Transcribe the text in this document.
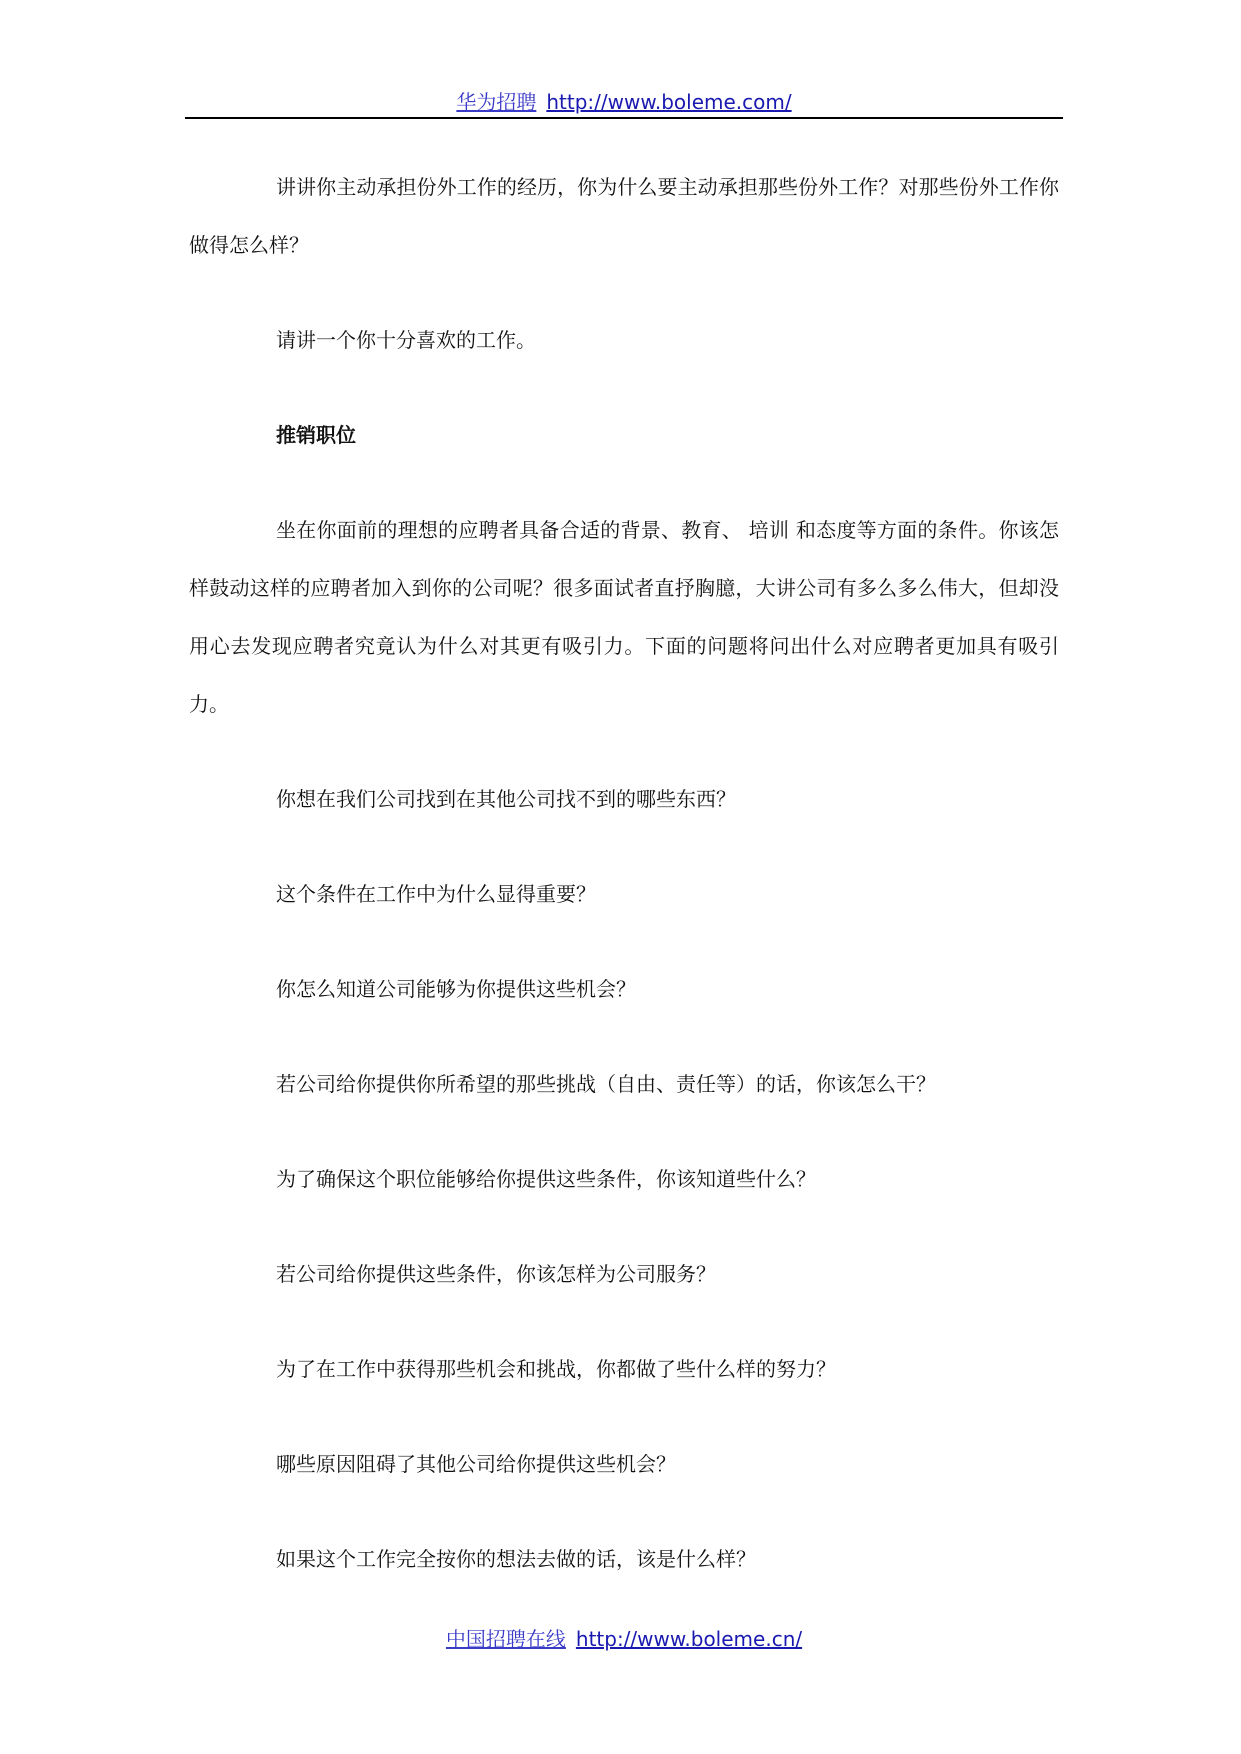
华为招聘 http://www.boleme.com/

讲讲你主动承担份外工作的经历，你为什么要主动承担那些份外工作？对那些份外工作你做得怎么样？

请讲一个你十分喜欢的工作。

推销职位

坐在你面前的理想的应聘者具备合适的背景、教育、 培训 和态度等方面的条件。你该怎样鼓动这样的应聘者加入到你的公司呢？很多面试者直抒胸臆，大讲公司有多么多么伟大，但却没用心去发现应聘者究竟认为什么对其更有吸引力。下面的问题将问出什么对应聘者更加具有吸引力。

你想在我们公司找到在其他公司找不到的哪些东西？

这个条件在工作中为什么显得重要？

你怎么知道公司能够为你提供这些机会？

若公司给你提供你所希望的那些挑战（自由、责任等）的话，你该怎么干？

为了确保这个职位能够给你提供这些条件，你该知道些什么？

若公司给你提供这些条件，你该怎样为公司服务？

为了在工作中获得那些机会和挑战，你都做了些什么样的努力？

哪些原因阻碍了其他公司给你提供这些机会？

如果这个工作完全按你的想法去做的话，该是什么样？

中国招聘在线 http://www.boleme.cn/
